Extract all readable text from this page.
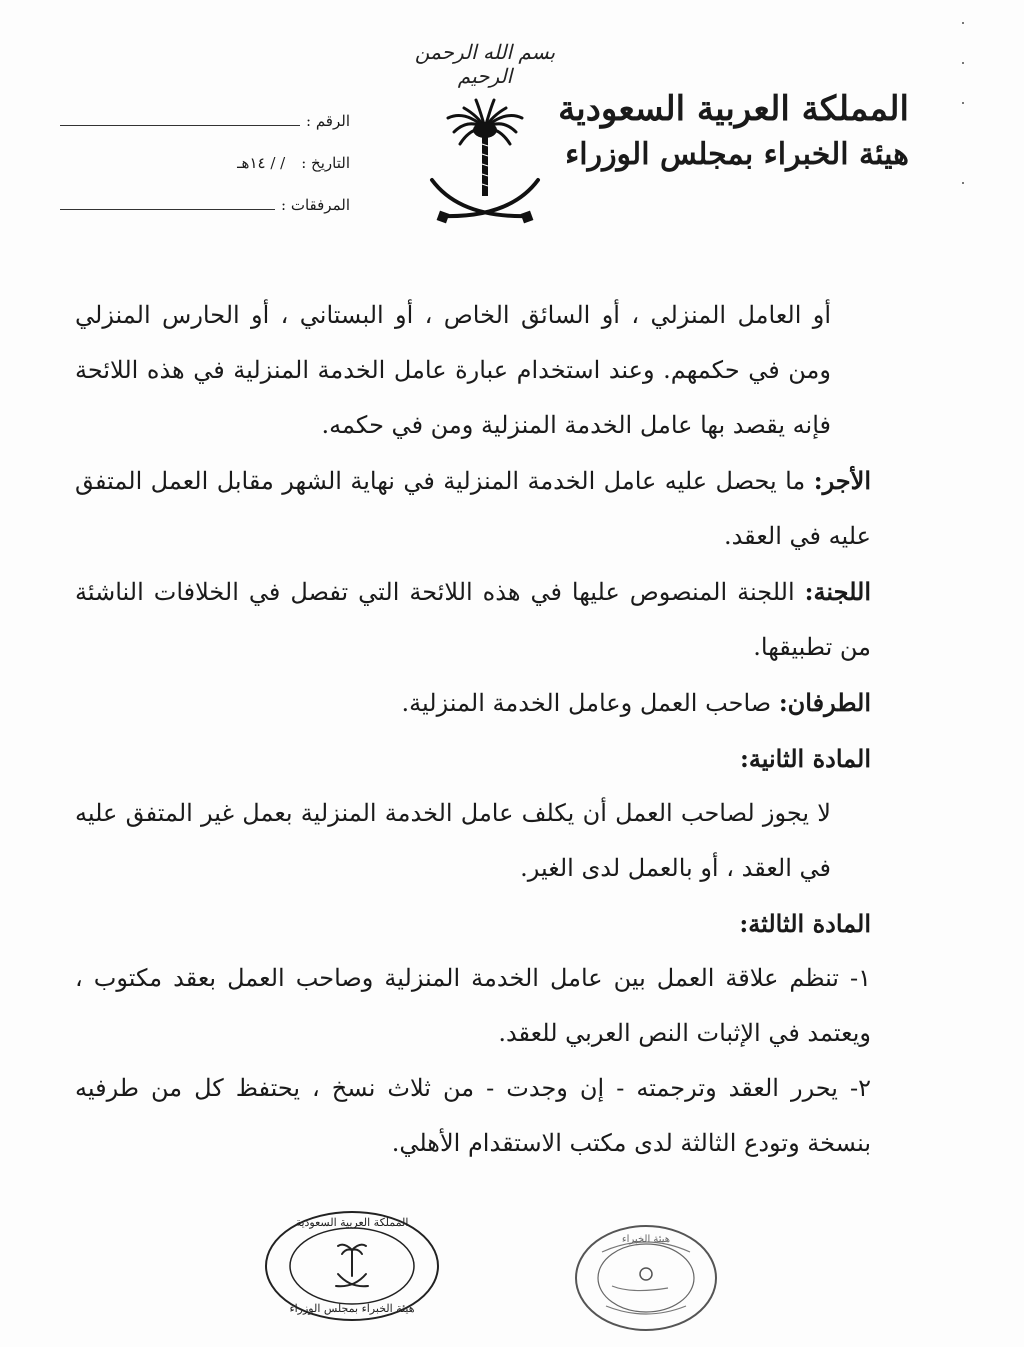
بسم الله الرحمن الرحيم
المملكة العربية السعودية
هيئة الخبراء بمجلس الوزراء
الرقم :
التاريخ :
/ / ١٤هـ
المرفقات :

أو العامل المنزلي ، أو السائق الخاص ، أو البستاني ، أو الحارس المنزلي ومن في حكمهم. وعند استخدام عبارة عامل الخدمة المنزلية في هذه اللائحة فإنه يقصد بها عامل الخدمة المنزلية ومن في حكمه.

الأجر: ما يحصل عليه عامل الخدمة المنزلية في نهاية الشهر مقابل العمل المتفق عليه في العقد.

اللجنة: اللجنة المنصوص عليها في هذه اللائحة التي تفصل في الخلافات الناشئة من تطبيقها.

الطرفان: صاحب العمل وعامل الخدمة المنزلية.

المادة الثانية:

لا يجوز لصاحب العمل أن يكلف عامل الخدمة المنزلية بعمل غير المتفق عليه في العقد ، أو بالعمل لدى الغير.

المادة الثالثة:

١- تنظم علاقة العمل بين عامل الخدمة المنزلية وصاحب العمل بعقد مكتوب ، ويعتمد في الإثبات النص العربي للعقد.

٢- يحرر العقد وترجمته - إن وجدت - من ثلاث نسخ ، يحتفظ كل من طرفيه بنسخة وتودع الثالثة لدى مكتب الاستقدام الأهلي.

المملكة العربية السعودية
هيئة الخبراء بمجلس الوزراء
هيئة الخبراء
